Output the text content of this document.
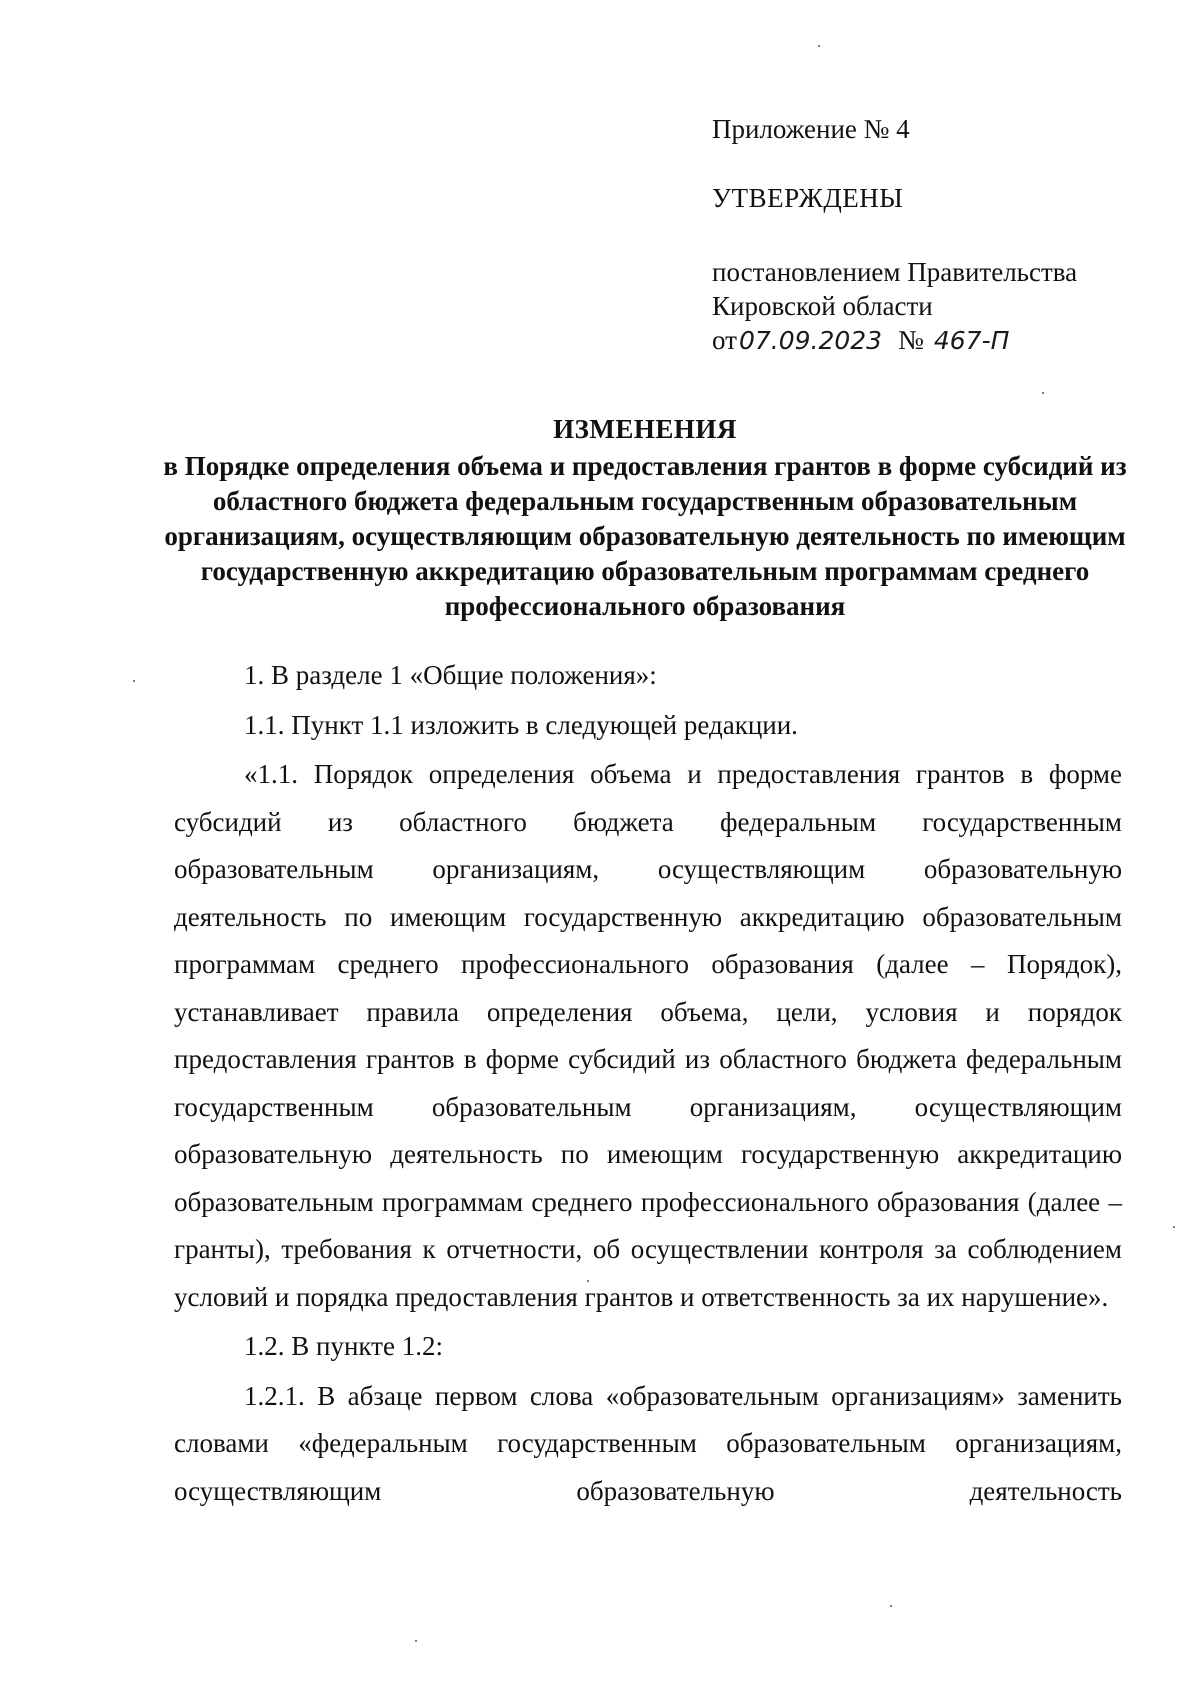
Приложение № 4

УТВЕРЖДЕНЫ

постановлением Правительства

Кировской области

от07.09.2023 № 467-П

ИЗМЕНЕНИЯ

в Порядке определения объема и предоставления грантов в форме субсидий из областного бюджета федеральным государственным образовательным организациям, осуществляющим образовательную деятельность по имеющим государственную аккредитацию образовательным программам среднего профессионального образования

1. В разделе 1 «Общие положения»:

1.1. Пункт 1.1 изложить в следующей редакции.

«1.1. Порядок определения объема и предоставления грантов в форме субсидий из областного бюджета федеральным государственным образовательным организациям, осуществляющим образовательную деятельность по имеющим государственную аккредитацию образовательным программам среднего профессионального образования (далее – Порядок), устанавливает правила определения объема, цели, условия и порядок предоставления грантов в форме субсидий из областного бюджета федеральным государственным образовательным организациям, осуществляющим образовательную деятельность по имеющим государственную аккредитацию образовательным программам среднего профессионального образования (далее – гранты), требования к отчетности, об осуществлении контроля за соблюдением условий и порядка предоставления грантов и ответственность за их нарушение».

1.2. В пункте 1.2:

1.2.1. В абзаце первом слова «образовательным организациям» заменить словами «федеральным государственным образовательным организациям, осуществляющим образовательную деятельность
